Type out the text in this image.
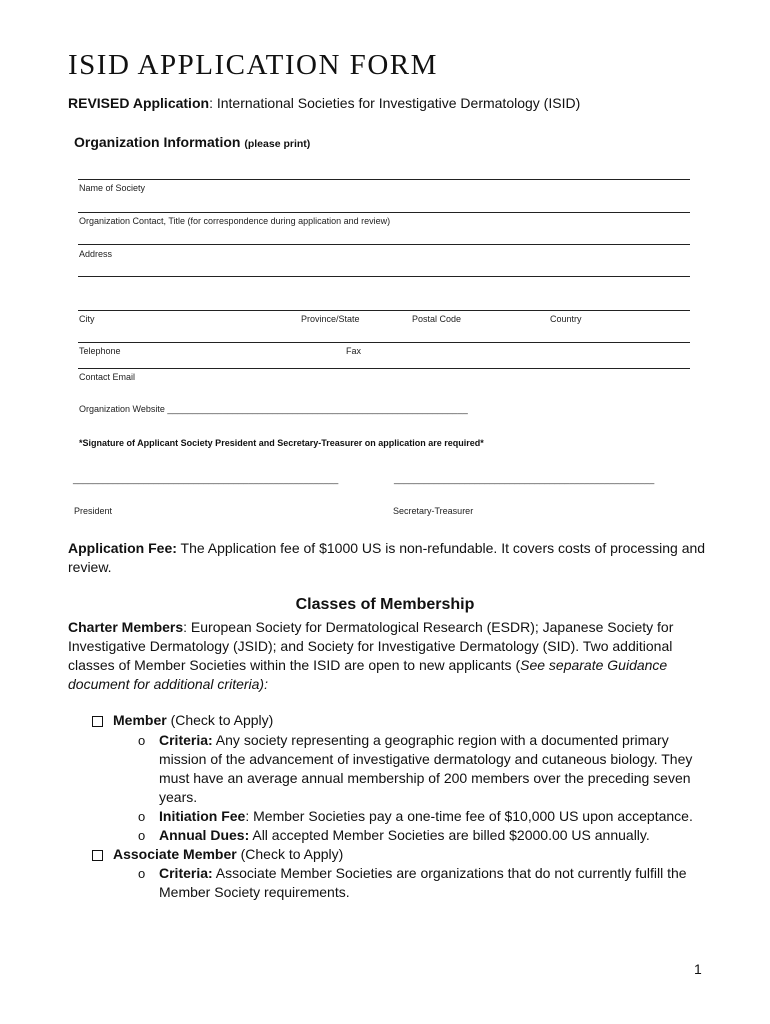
ISID APPLICATION FORM
REVISED Application: International Societies for Investigative Dermatology (ISID)
Organization Information (please print)
Name of Society
Organization Contact, Title (for correspondence during application and review)
Address
City	Province/State	Postal Code	Country
Telephone	Fax
Contact Email
Organization Website ____________________________________________________________
*Signature of Applicant Society President and Secretary-Treasurer on application are required*
_____________________________________________________	____________________________________________________
President	Secretary-Treasurer
Application Fee: The Application fee of $1000 US is non-refundable. It covers costs of processing and review.
Classes of Membership
Charter Members: European Society for Dermatological Research (ESDR); Japanese Society for Investigative Dermatology (JSID); and Society for Investigative Dermatology (SID). Two additional classes of Member Societies within the ISID are open to new applicants (See separate Guidance document for additional criteria):
Member (Check to Apply)
o Criteria: Any society representing a geographic region with a documented primary mission of the advancement of investigative dermatology and cutaneous biology. They must have an average annual membership of 200 members over the preceding seven years.
o Initiation Fee: Member Societies pay a one-time fee of $10,000 US upon acceptance.
o Annual Dues: All accepted Member Societies are billed $2000.00 US annually.
Associate Member (Check to Apply)
o Criteria: Associate Member Societies are organizations that do not currently fulfill the Member Society requirements.
1
